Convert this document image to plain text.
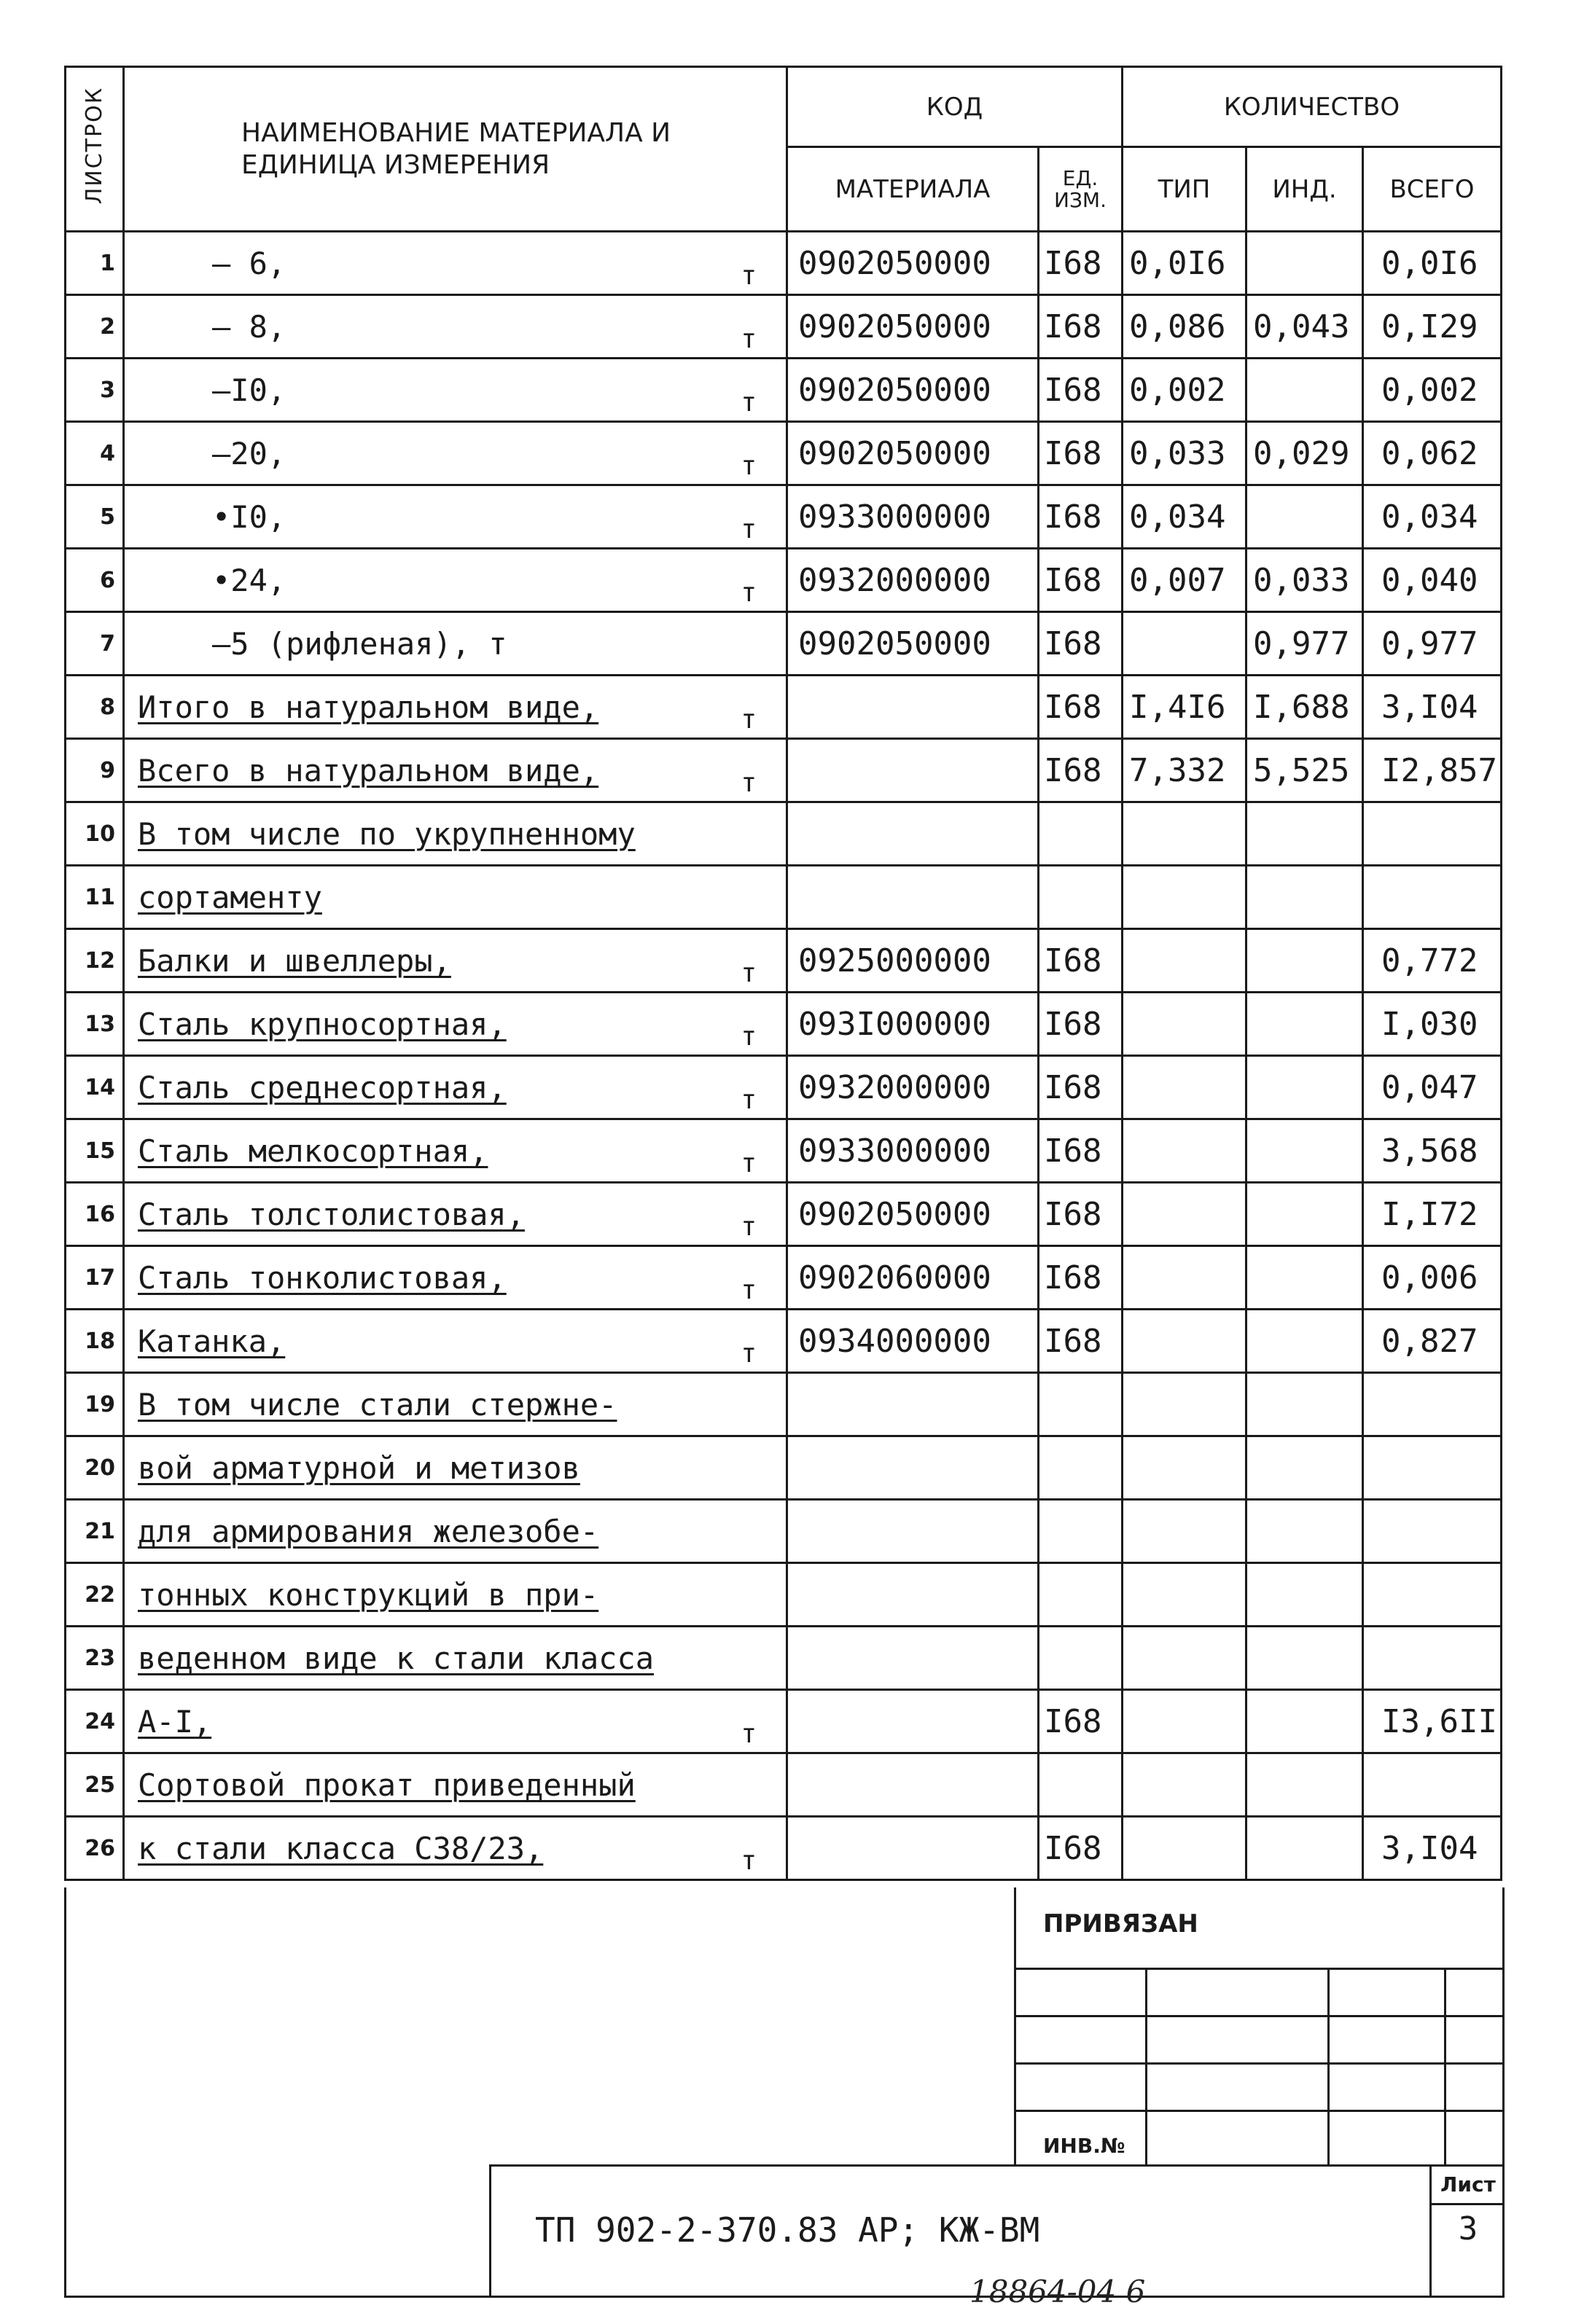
ЛИСТРОК	НАИМЕНОВАНИЕ МАТЕРИАЛА И ЕДИНИЦА ИЗМЕРЕНИЯ	КОД		КОЛИЧЕСТВО		
		МАТЕРИАЛА	ЕД. ИЗМ.	ТИП	ИНД.	ВСЕГО
1	— 6, т	0902050000	I68	0,0I6		0,0I6
2	— 8, т	0902050000	I68	0,086	0,043	0,I29
3	—I0, т	0902050000	I68	0,002		0,002
4	—20, т	0902050000	I68	0,033	0,029	0,062
5	•I0, т	0933000000	I68	0,034		0,034
6	•24, т	0932000000	I68	0,007	0,033	0,040
7	—5 (рифленая), т	0902050000	I68		0,977	0,977
8	Итого в натуральном виде, т		I68	I,4I6	I,688	3,I04
9	Всего в натуральном виде, т		I68	7,332	5,525	I2,857
10	В том числе по укрупненному

11	сортаменту

12	Балки и швеллеры, т	0925000000	I68			0,772
13	Сталь крупносортная, т	093I000000	I68			I,030
14	Сталь среднесортная, т	0932000000	I68			0,047
15	Сталь мелкосортная, т	0933000000	I68			3,568
16	Сталь толстолистовая, т	0902050000	I68			I,I72
17	Сталь тонколистовая, т	0902060000	I68			0,006
18	Катанка, т	0934000000	I68			0,827
19	В том числе стали стержне-

20	вой арматурной и метизов

21	для армирования железобе-

22	тонных конструкций в при-

23	веденном виде к стали класса

24	А-I, т		I68			I3,6II
25	Сортовой прокат приведенный

26	к стали класса С38/23, т		I68			3,I04
ПРИВЯЗАН
ИНВ.№
ТП 902-2-370.83 АР; КЖ-ВМ
Лист
3
18864-04 6
